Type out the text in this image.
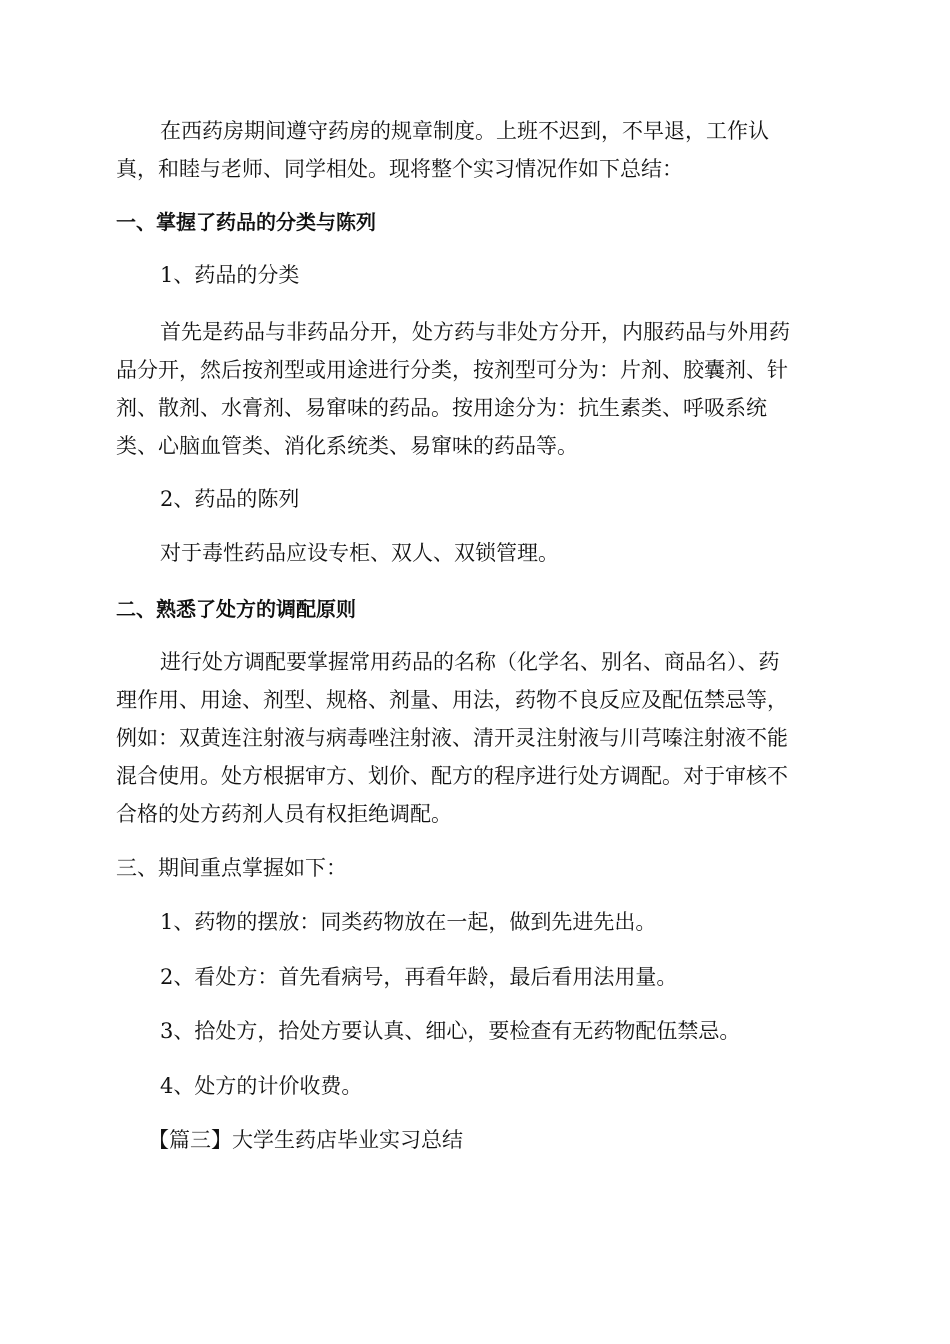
在西药房期间遵守药房的规章制度。上班不迟到，不早退，工作认
真，和睦与老师、同学相处。现将整个实习情况作如下总结：

一、掌握了药品的分类与陈列

1、药品的分类

首先是药品与非药品分开，处方药与非处方分开，内服药品与外用药
品分开，然后按剂型或用途进行分类，按剂型可分为：片剂、胶囊剂、针
剂、散剂、水膏剂、易窜味的药品。按用途分为：抗生素类、呼吸系统
类、心脑血管类、消化系统类、易窜味的药品等。

2、药品的陈列

对于毒性药品应设专柜、双人、双锁管理。

二、熟悉了处方的调配原则

进行处方调配要掌握常用药品的名称（化学名、别名、商品名）、药
理作用、用途、剂型、规格、剂量、用法，药物不良反应及配伍禁忌等，
例如：双黄连注射液与病毒唑注射液、清开灵注射液与川芎嗪注射液不能
混合使用。处方根据审方、划价、配方的程序进行处方调配。对于审核不
合格的处方药剂人员有权拒绝调配。

三、期间重点掌握如下：

1、药物的摆放：同类药物放在一起，做到先进先出。

2、看处方：首先看病号，再看年龄，最后看用法用量。

3、拾处方，拾处方要认真、细心，要检查有无药物配伍禁忌。

4、处方的计价收费。

【篇三】大学生药店毕业实习总结
